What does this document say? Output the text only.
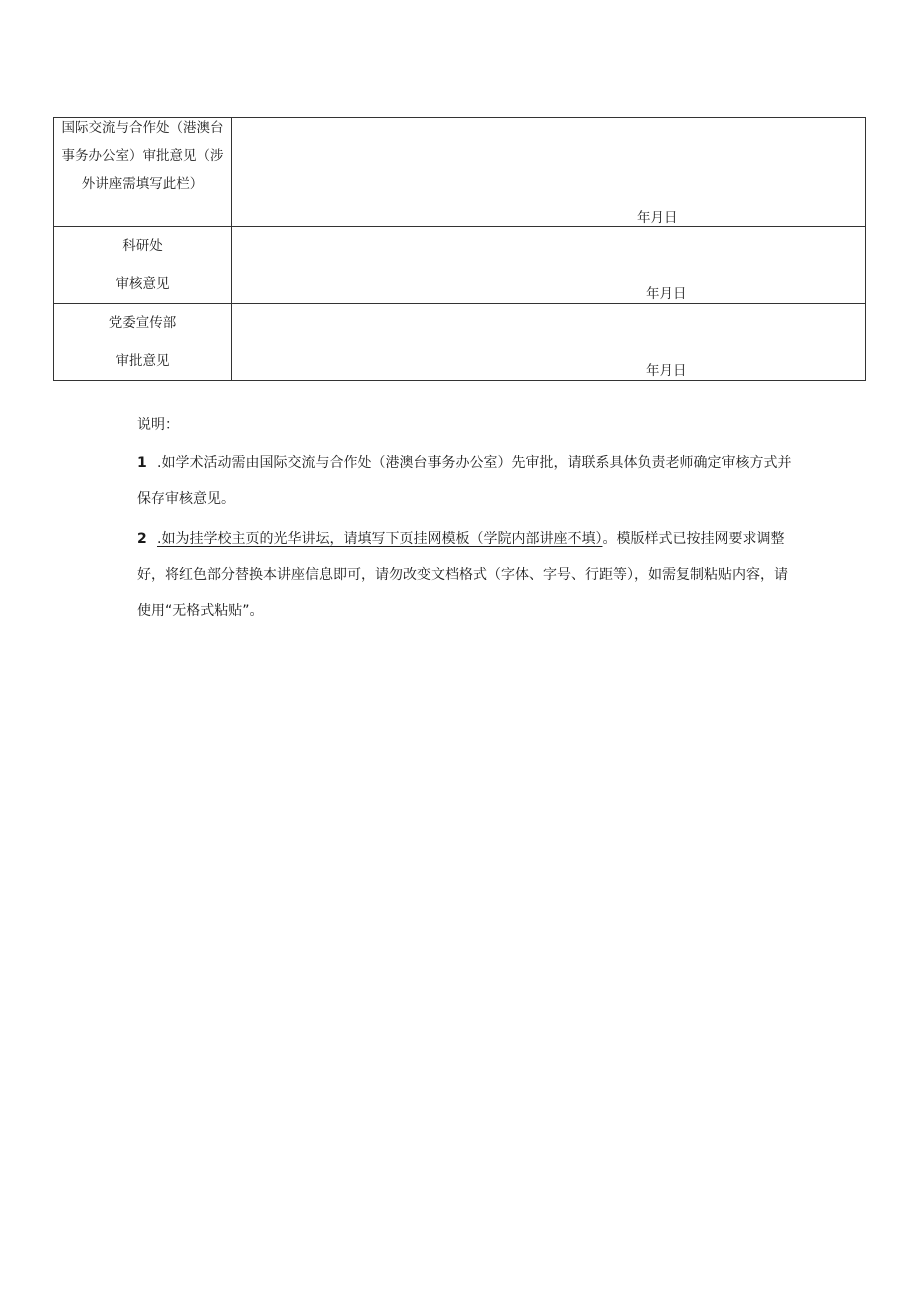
国际交流与合作处（港澳台
事务办公室）审批意见（涉
外讲座需填写此栏）	年月日

科研处
审核意见	年月日

党委宣传部
审批意见	年月日
说明：
1 .如学术活动需由国际交流与合作处（港澳台事务办公室）先审批，请联系具体负责老师确定审核方式并
保存审核意见。
2 .如为挂学校主页的光华讲坛，请填写下页挂网模板（学院内部讲座不填）。模版样式已按挂网要求调整
好，将红色部分替换本讲座信息即可，请勿改变文档格式（字体、字号、行距等），如需复制粘贴内容，请
使用“无格式粘贴”。
